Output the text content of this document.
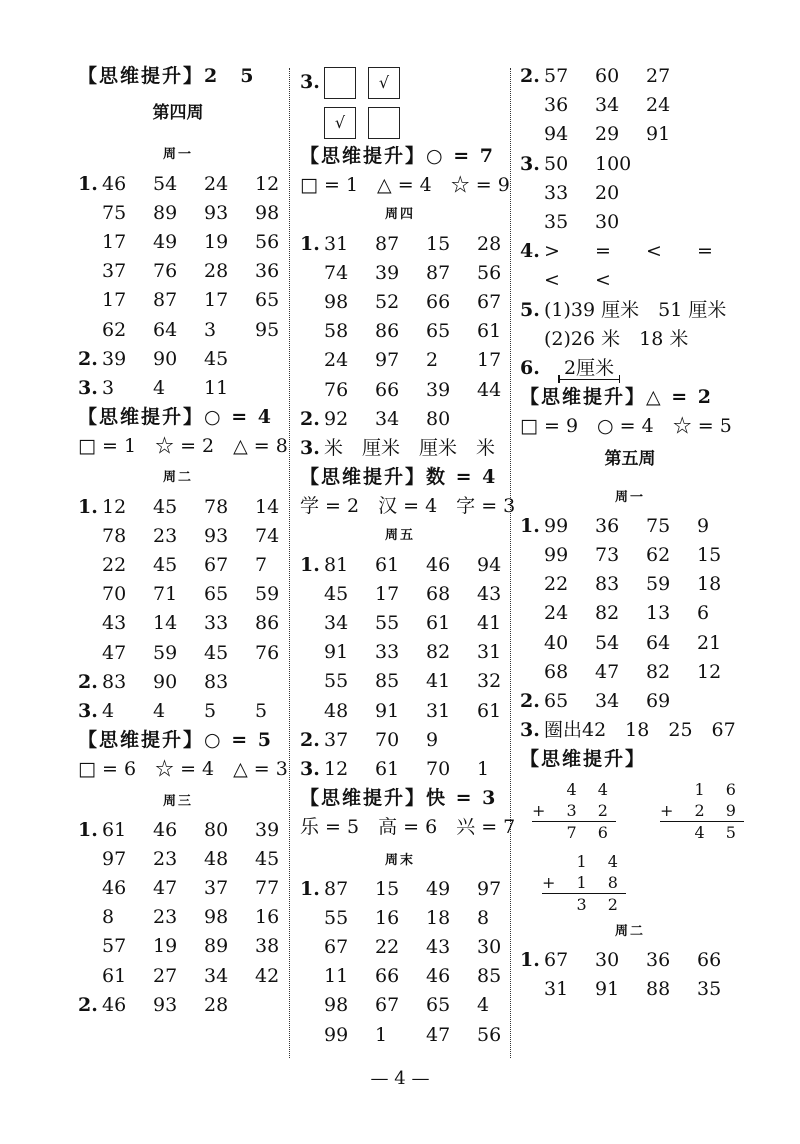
【思维提升】2　5
第四周
周一
1. 46 54 24 12
75 89 93 98
17 49 19 56
37 76 28 36
17 87 17 65
62 64 3 95
2. 39 90 45
3. 3 4 11
【思维提升】○ = 4
□ = 1　☆ = 2　△ = 8
周二
1. 12 45 78 14
78 23 93 74
22 45 67 7
70 71 65 59
43 14 33 86
47 59 45 76
2. 83 90 83
3. 4 4 5 5
【思维提升】○ = 5
□ = 6　☆ = 4　△ = 3
周三
1. 61 46 80 39
97 23 48 45
46 47 37 77
8 23 98 16
57 19 89 38
61 27 34 42
2. 46 93 28
3.	√
√
【思维提升】○ = 7
□ = 1　△ = 4　☆ = 9
周四
1. 31 87 15 28
74 39 87 56
98 52 66 67
58 86 65 61
24 97 2 17
76 66 39 44
2. 92 34 80
3. 米　厘米　厘米　米
【思维提升】数 = 4
学 = 2　汉 = 4　字 = 3
周五
1. 81 61 46 94
45 17 68 43
34 55 61 41
91 33 82 31
55 85 41 32
48 91 31 61
2. 37 70 9
3. 12 61 70 1
【思维提升】快 = 3
乐 = 5　高 = 6　兴 = 7
周末
1. 87 15 49 97
55 16 18 8
67 22 43 30
11 66 46 85
98 67 65 4
99 1 47 56
2. 57 60 27
36 34 24
94 29 91
3. 50 100
33 20
35 30
4. > = < =
< <
5. (1)39 厘米　51 厘米
(2)26 米　18 米
6. 2厘米
【思维提升】△ = 2
□ = 9　○ = 4　☆ = 5
第五周
周一
1. 99 36 75 9
99 73 62 15
22 83 59 18
24 82 13 6
40 54 64 21
68 47 82 12
2. 65 34 69
3. 圈出42　18　25　67
【思维提升】
4 4
+ 3 2
7 6
1 6
+ 2 9
4 5
1 4
+ 1 8
3 2
周二
1. 67 30 36 66
31 91 88 35
— 4 —
